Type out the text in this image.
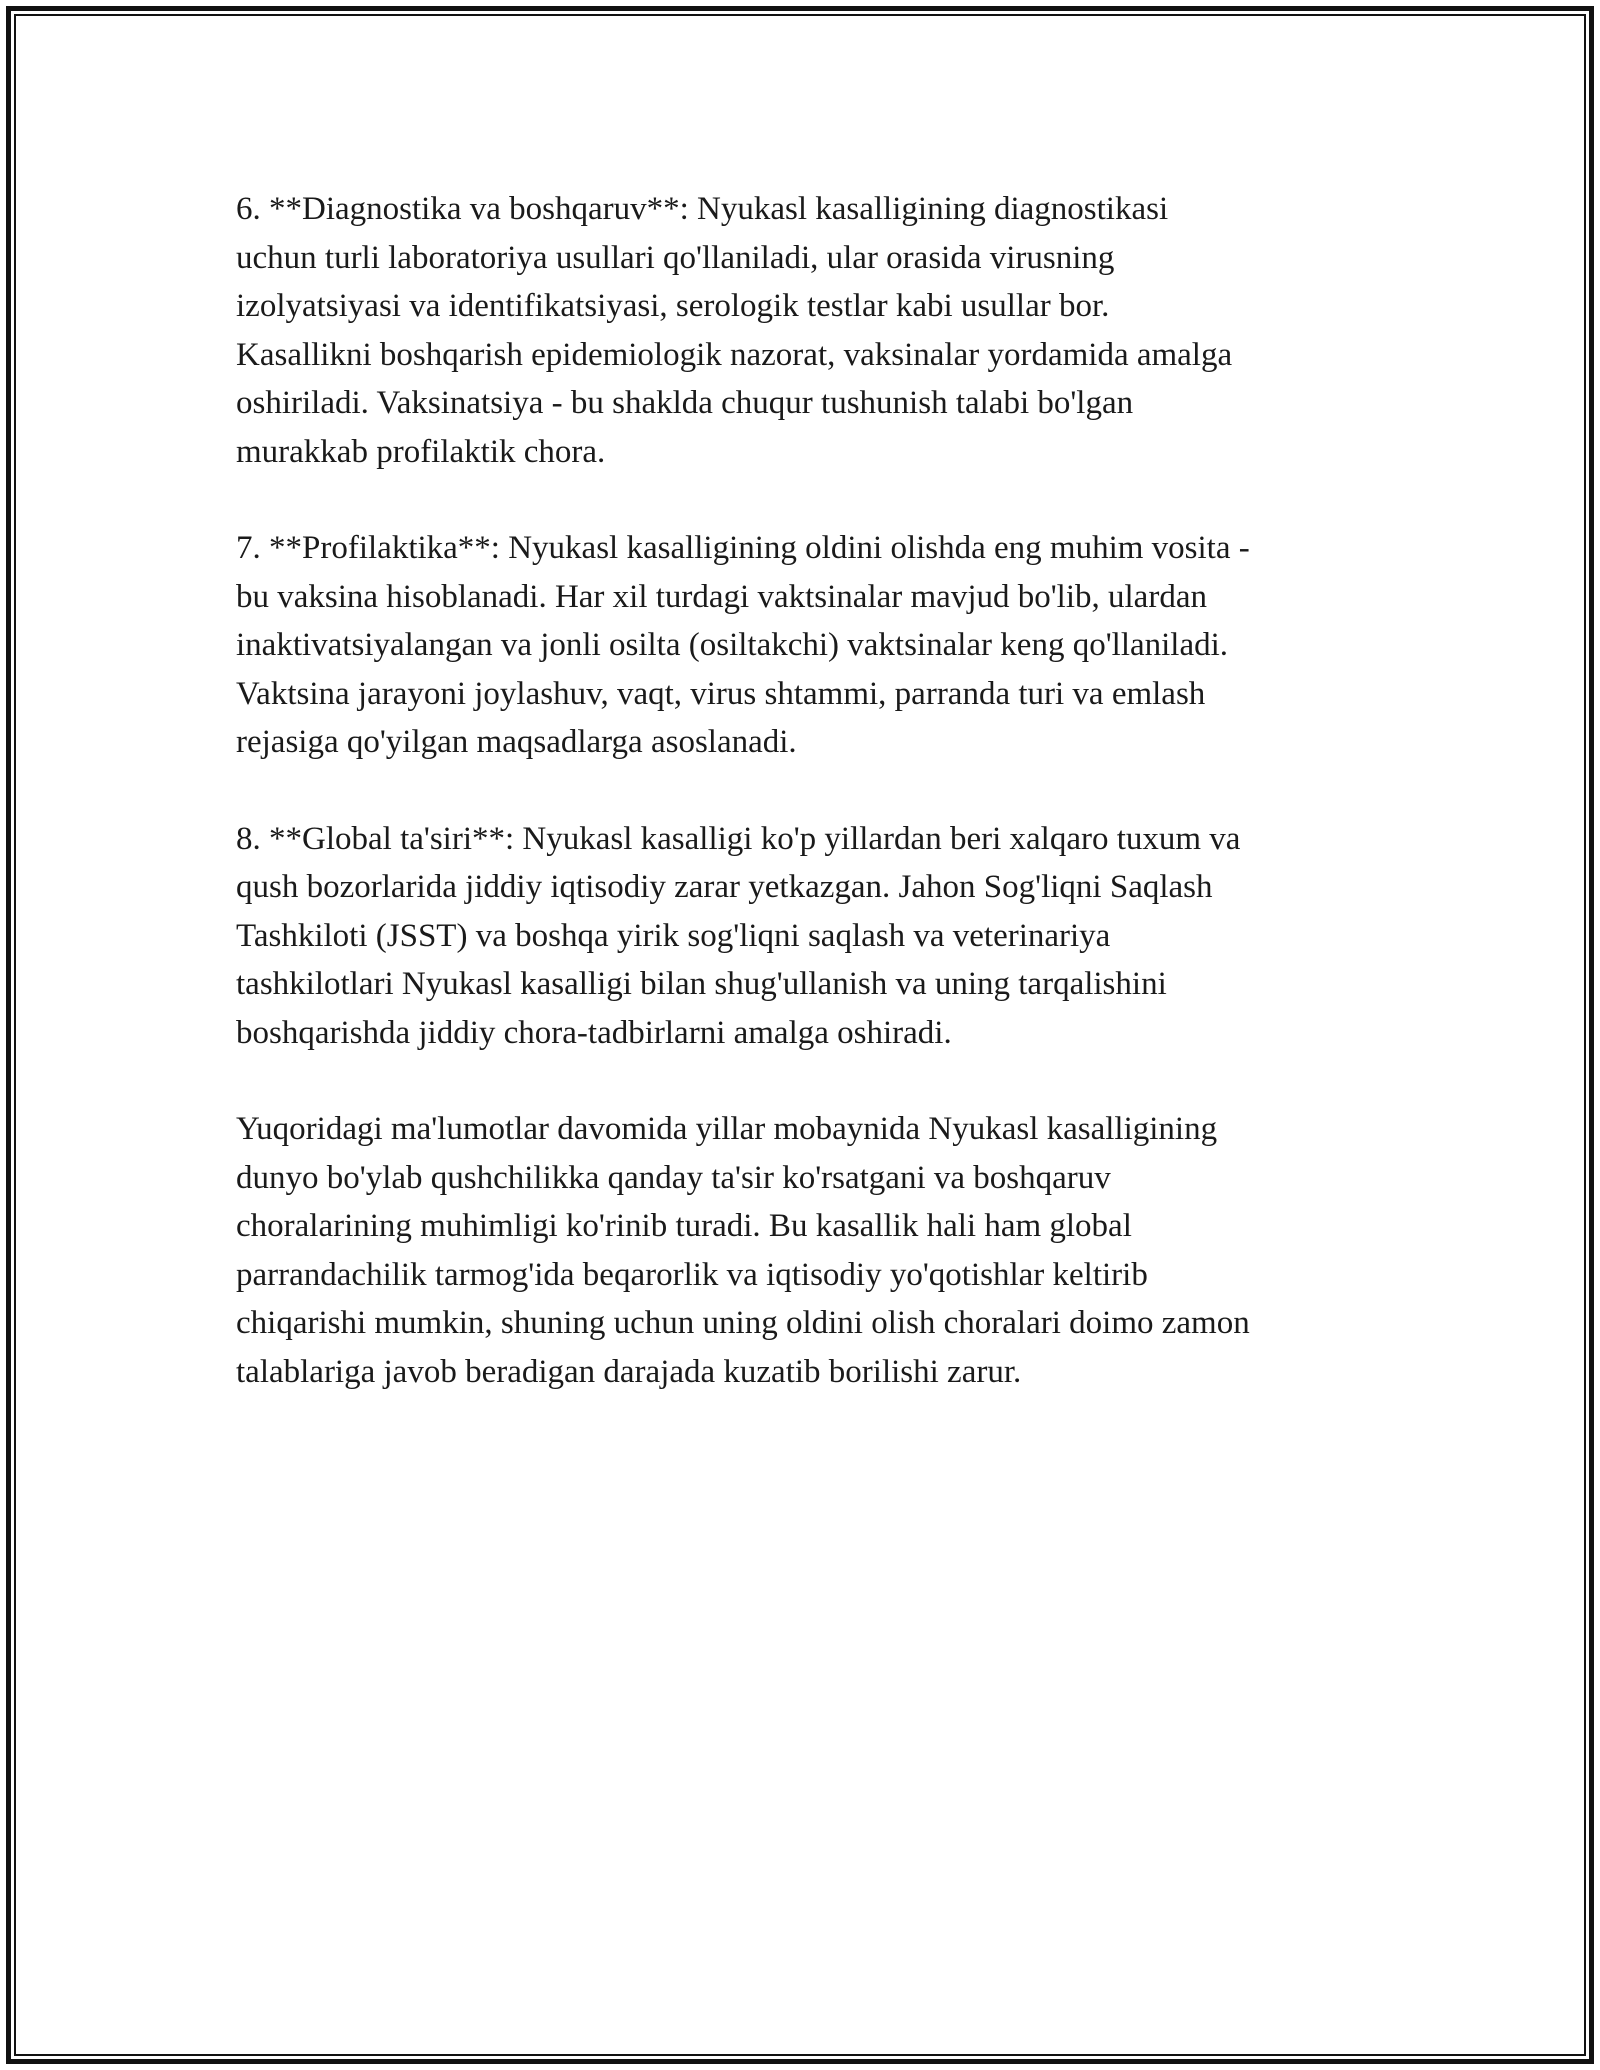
6. **Diagnostika va boshqaruv**: Nyukasl kasalligining diagnostikasi
uchun turli laboratoriya usullari qo'llaniladi, ular orasida virusning
izolyatsiyasi va identifikatsiyasi, serologik testlar kabi usullar bor.
Kasallikni boshqarish epidemiologik nazorat, vaksinalar yordamida amalga
oshiriladi. Vaksinatsiya - bu shaklda chuqur tushunish talabi bo'lgan
murakkab profilaktik chora.

7. **Profilaktika**: Nyukasl kasalligining oldini olishda eng muhim vosita -
bu vaksina hisoblanadi. Har xil turdagi vaktsinalar mavjud bo'lib, ulardan
inaktivatsiyalangan va jonli osilta (osiltakchi) vaktsinalar keng qo'llaniladi.
Vaktsina jarayoni joylashuv, vaqt, virus shtammi, parranda turi va emlash
rejasiga qo'yilgan maqsadlarga asoslanadi.

8. **Global ta'siri**: Nyukasl kasalligi ko'p yillardan beri xalqaro tuxum va
qush bozorlarida jiddiy iqtisodiy zarar yetkazgan. Jahon Sog'liqni Saqlash
Tashkiloti (JSST) va boshqa yirik sog'liqni saqlash va veterinariya
tashkilotlari Nyukasl kasalligi bilan shug'ullanish va uning tarqalishini
boshqarishda jiddiy chora-tadbirlarni amalga oshiradi.

Yuqoridagi ma'lumotlar davomida yillar mobaynida Nyukasl kasalligining
dunyo bo'ylab qushchilikka qanday ta'sir ko'rsatgani va boshqaruv
choralarining muhimligi ko'rinib turadi. Bu kasallik hali ham global
parrandachilik tarmog'ida beqarorlik va iqtisodiy yo'qotishlar keltirib
chiqarishi mumkin, shuning uchun uning oldini olish choralari doimo zamon
talablariga javob beradigan darajada kuzatib borilishi zarur.
